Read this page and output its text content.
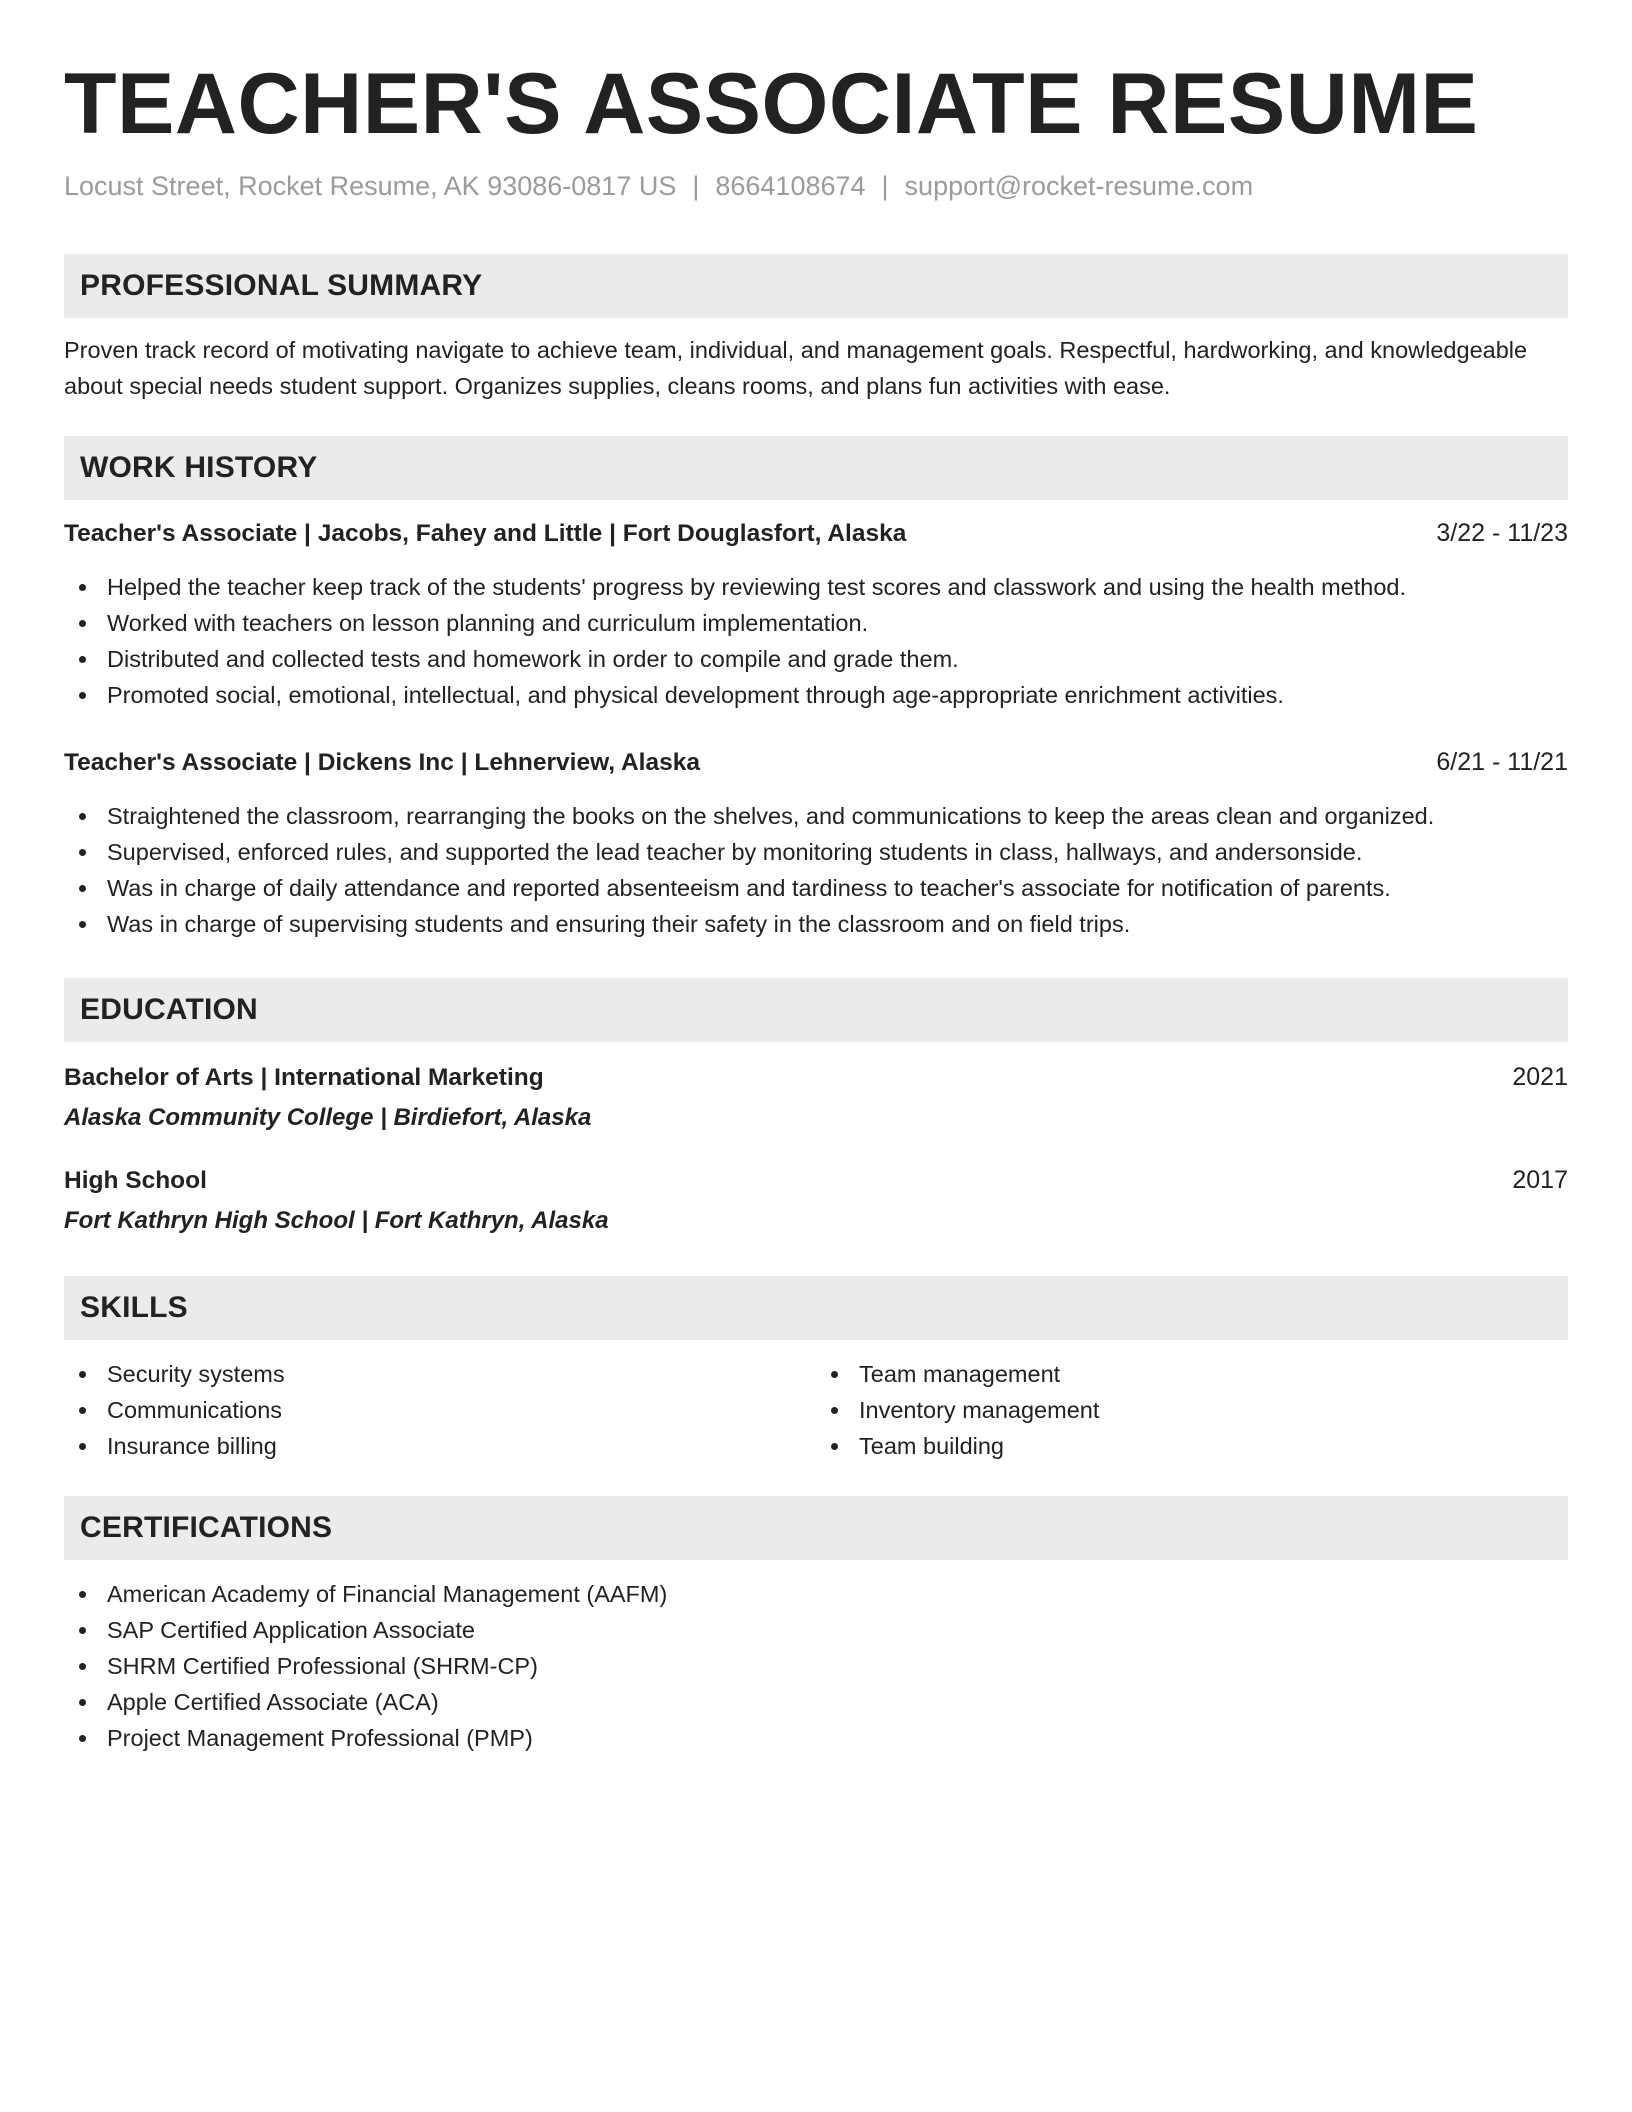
TEACHER'S ASSOCIATE RESUME
Locust Street, Rocket Resume, AK 93086-0817 US | 8664108674 | support@rocket-resume.com
PROFESSIONAL SUMMARY

Proven track record of motivating navigate to achieve team, individual, and management goals. Respectful, hardworking, and knowledgeable about special needs student support. Organizes supplies, cleans rooms, and plans fun activities with ease.

WORK HISTORY
Teacher's Associate | Jacobs, Fahey and Little | Fort Douglasfort, Alaska	3/22 - 11/23
Helped the teacher keep track of the students' progress by reviewing test scores and classwork and using the health method.
Worked with teachers on lesson planning and curriculum implementation.
Distributed and collected tests and homework in order to compile and grade them.
Promoted social, emotional, intellectual, and physical development through age-appropriate enrichment activities.
Teacher's Associate | Dickens Inc | Lehnerview, Alaska	6/21 - 11/21
Straightened the classroom, rearranging the books on the shelves, and communications to keep the areas clean and organized.
Supervised, enforced rules, and supported the lead teacher by monitoring students in class, hallways, and andersonside.
Was in charge of daily attendance and reported absenteeism and tardiness to teacher's associate for notification of parents.
Was in charge of supervising students and ensuring their safety in the classroom and on field trips.
EDUCATION
Bachelor of Arts | International Marketing	2021
Alaska Community College | Birdiefort, Alaska
High School	2017
Fort Kathryn High School | Fort Kathryn, Alaska
SKILLS
Security systems
Communications
Insurance billing
Team management
Inventory management
Team building
CERTIFICATIONS
American Academy of Financial Management (AAFM)
SAP Certified Application Associate
SHRM Certified Professional (SHRM-CP)
Apple Certified Associate (ACA)
Project Management Professional (PMP)
